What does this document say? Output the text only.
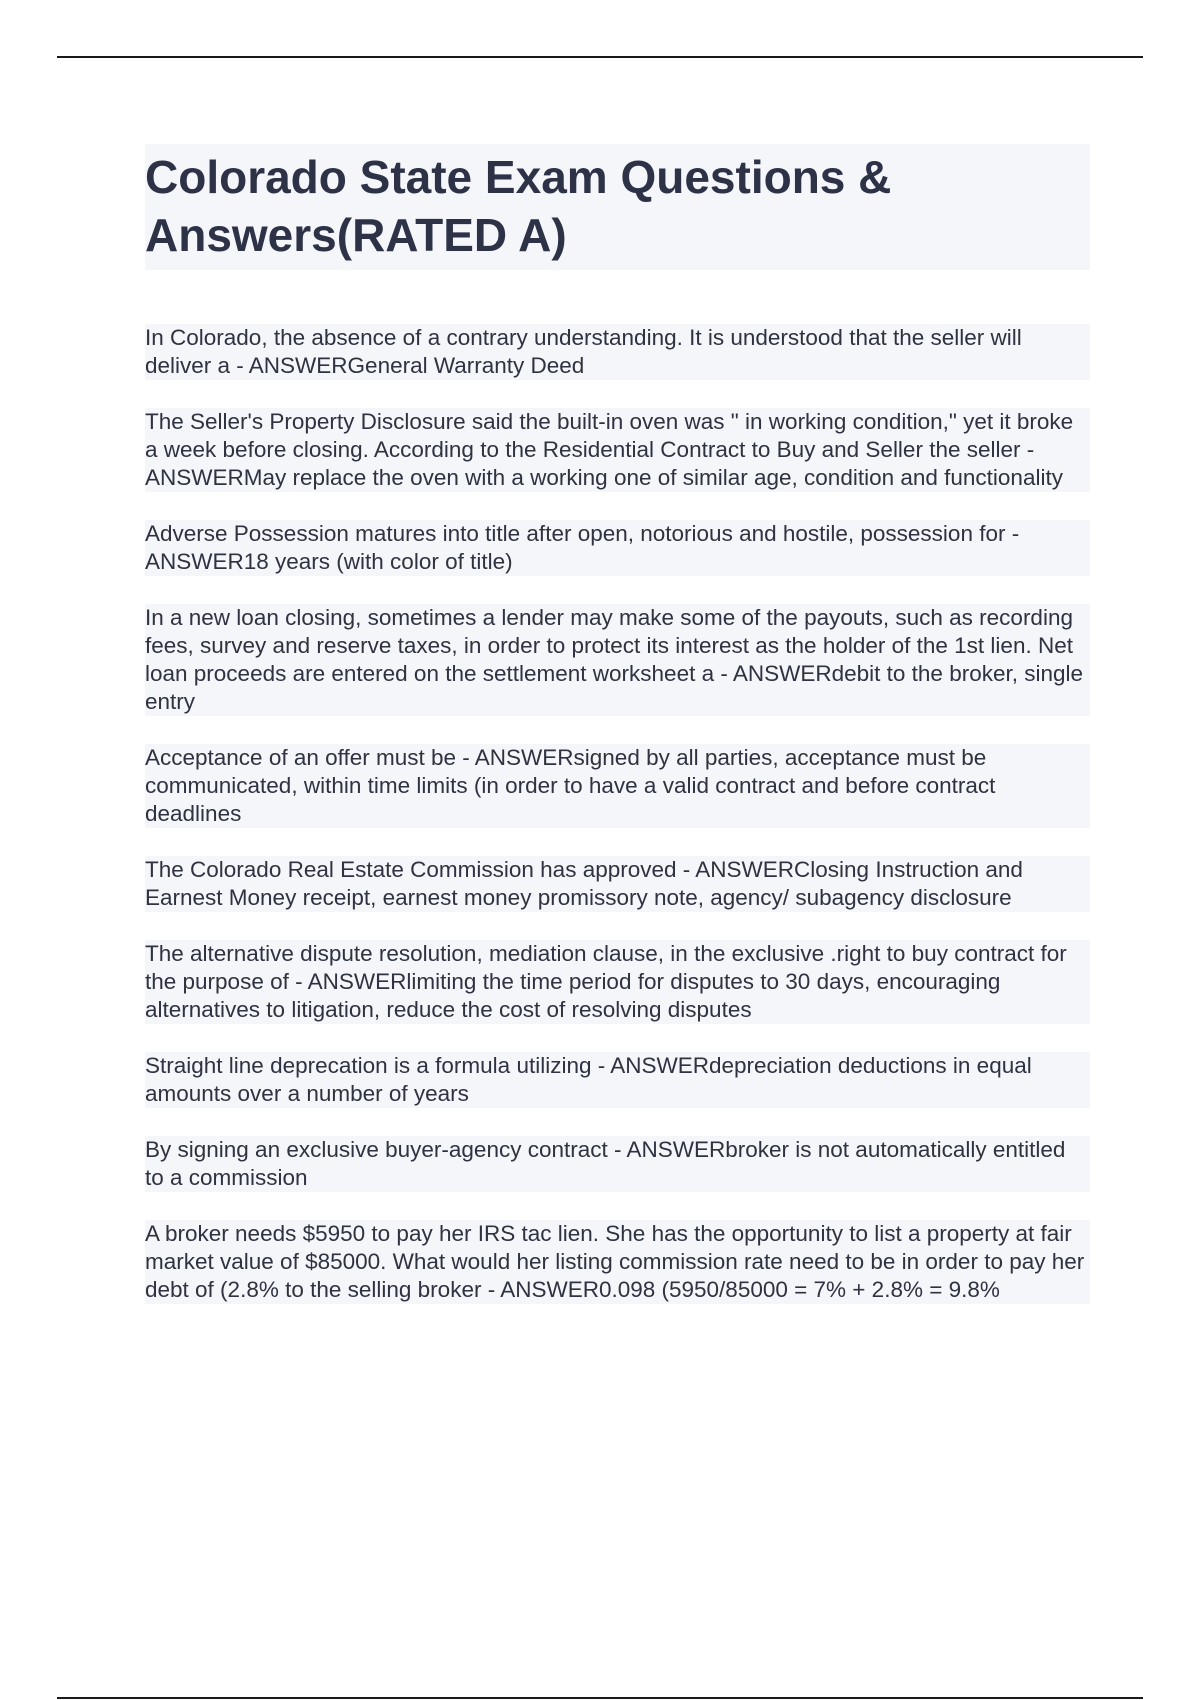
Colorado State Exam Questions & Answers(RATED A)

In Colorado, the absence of a contrary understanding. It is understood that the seller will deliver a - ANSWERGeneral Warranty Deed

The Seller's Property Disclosure said the built-in oven was " in working condition," yet it broke a week before closing. According to the Residential Contract to Buy and Seller the seller - ANSWERMay replace the oven with a working one of similar age, condition and functionality

Adverse Possession matures into title after open, notorious and hostile, possession for - ANSWER18 years (with color of title)

In a new loan closing, sometimes a lender may make some of the payouts, such as recording fees, survey and reserve taxes, in order to protect its interest as the holder of the 1st lien. Net loan proceeds are entered on the settlement worksheet a - ANSWERdebit to the broker, single entry

Acceptance of an offer must be - ANSWERsigned by all parties, acceptance must be communicated, within time limits (in order to have a valid contract and before contract deadlines

The Colorado Real Estate Commission has approved - ANSWERClosing Instruction and Earnest Money receipt, earnest money promissory note, agency/ subagency disclosure

The alternative dispute resolution, mediation clause, in the exclusive .right to buy contract for the purpose of - ANSWERlimiting the time period for disputes to 30 days, encouraging alternatives to litigation, reduce the cost of resolving disputes

Straight line deprecation is a formula utilizing - ANSWERdepreciation deductions in equal amounts over a number of years

By signing an exclusive buyer-agency contract - ANSWERbroker is not automatically entitled to a commission

A broker needs $5950 to pay her IRS tac lien. She has the opportunity to list a property at fair market value of $85000. What would her listing commission rate need to be in order to pay her debt of (2.8% to the selling broker - ANSWER0.098 (5950/85000 = 7% + 2.8% = 9.8%
